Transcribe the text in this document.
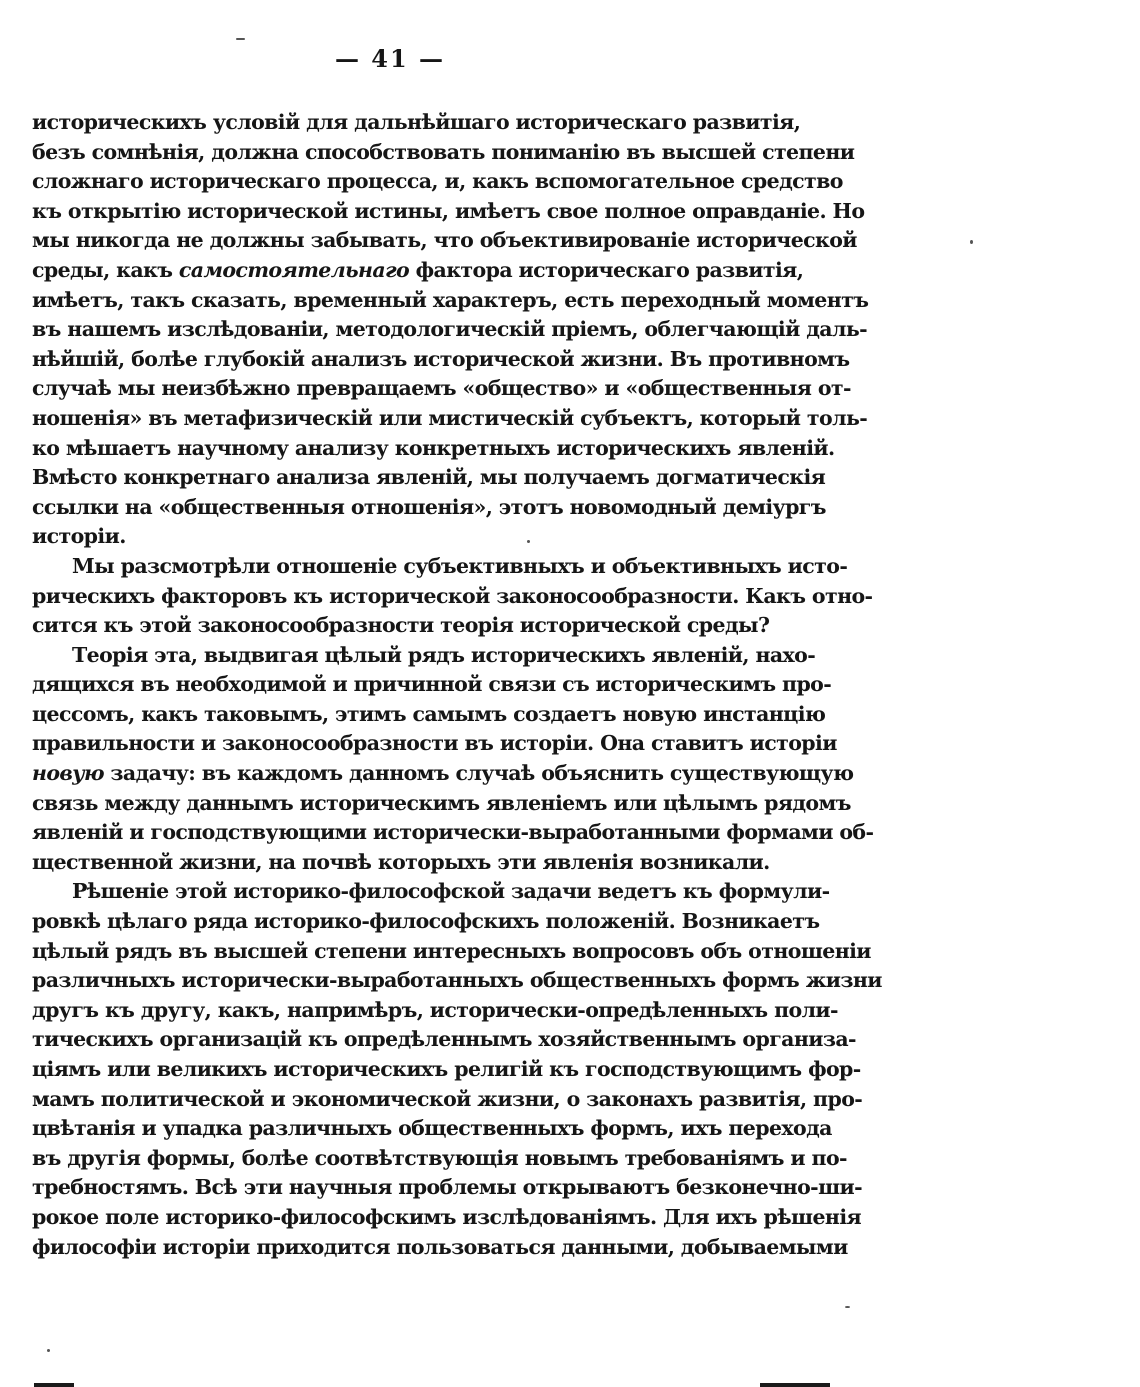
— 41 —
историческихъ условій для дальнѣйшаго историческаго развитія,
безъ сомнѣнія, должна способствовать пониманію въ высшей степени
сложнаго историческаго процесса, и, какъ вспомогательное средство
къ открытію исторической истины, имѣетъ свое полное оправданіе. Но
мы никогда не должны забывать, что объективированіе исторической
среды, какъ самостоятельнаго фактора историческаго развитія,
имѣетъ, такъ сказать, временный характеръ, есть переходный моментъ
въ нашемъ изслѣдованіи, методологическій пріемъ, облегчающій даль-
нѣйшій, болѣе глубокій анализъ исторической жизни. Въ противномъ
случаѣ мы неизбѣжно превращаемъ «общество» и «общественныя от-
ношенія» въ метафизическій или мистическій субъектъ, который толь-
ко мѣшаетъ научному анализу конкретныхъ историческихъ явленій.
Вмѣсто конкретнаго анализа явленій, мы получаемъ догматическія
ссылки на «общественныя отношенія», этотъ новомодный деміургъ
исторіи.
Мы разсмотрѣли отношеніе субъективныхъ и объективныхъ исто-
рическихъ факторовъ къ исторической законосообразности. Какъ отно-
сится къ этой законосообразности теорія исторической среды?
Теорія эта, выдвигая цѣлый рядъ историческихъ явленій, нахо-
дящихся въ необходимой и причинной связи съ историческимъ про-
цессомъ, какъ таковымъ, этимъ самымъ создаетъ новую инстанцію
правильности и законосообразности въ исторіи. Она ставитъ исторіи
новую задачу: въ каждомъ данномъ случаѣ объяснить существующую
связь между даннымъ историческимъ явленіемъ или цѣлымъ рядомъ
явленій и господствующими исторически-выработанными формами об-
щественной жизни, на почвѣ которыхъ эти явленія возникали.
Рѣшеніе этой историко-философской задачи ведетъ къ формули-
ровкѣ цѣлаго ряда историко-философскихъ положеній. Возникаетъ
цѣлый рядъ въ высшей степени интересныхъ вопросовъ объ отношеніи
различныхъ исторически-выработанныхъ общественныхъ формъ жизни
другъ къ другу, какъ, напримѣръ, исторически-опредѣленныхъ поли-
тическихъ организацій къ опредѣленнымъ хозяйственнымъ организа-
ціямъ или великихъ историческихъ религій къ господствующимъ фор-
мамъ политической и экономической жизни, о законахъ развитія, про-
цвѣтанія и упадка различныхъ общественныхъ формъ, ихъ перехода
въ другія формы, болѣе соотвѣтствующія новымъ требованіямъ и по-
требностямъ. Всѣ эти научныя проблемы открываютъ безконечно-ши-
рокое поле историко-философскимъ изслѣдованіямъ. Для ихъ рѣшенія
философіи исторіи приходится пользоваться данными, добываемыми
